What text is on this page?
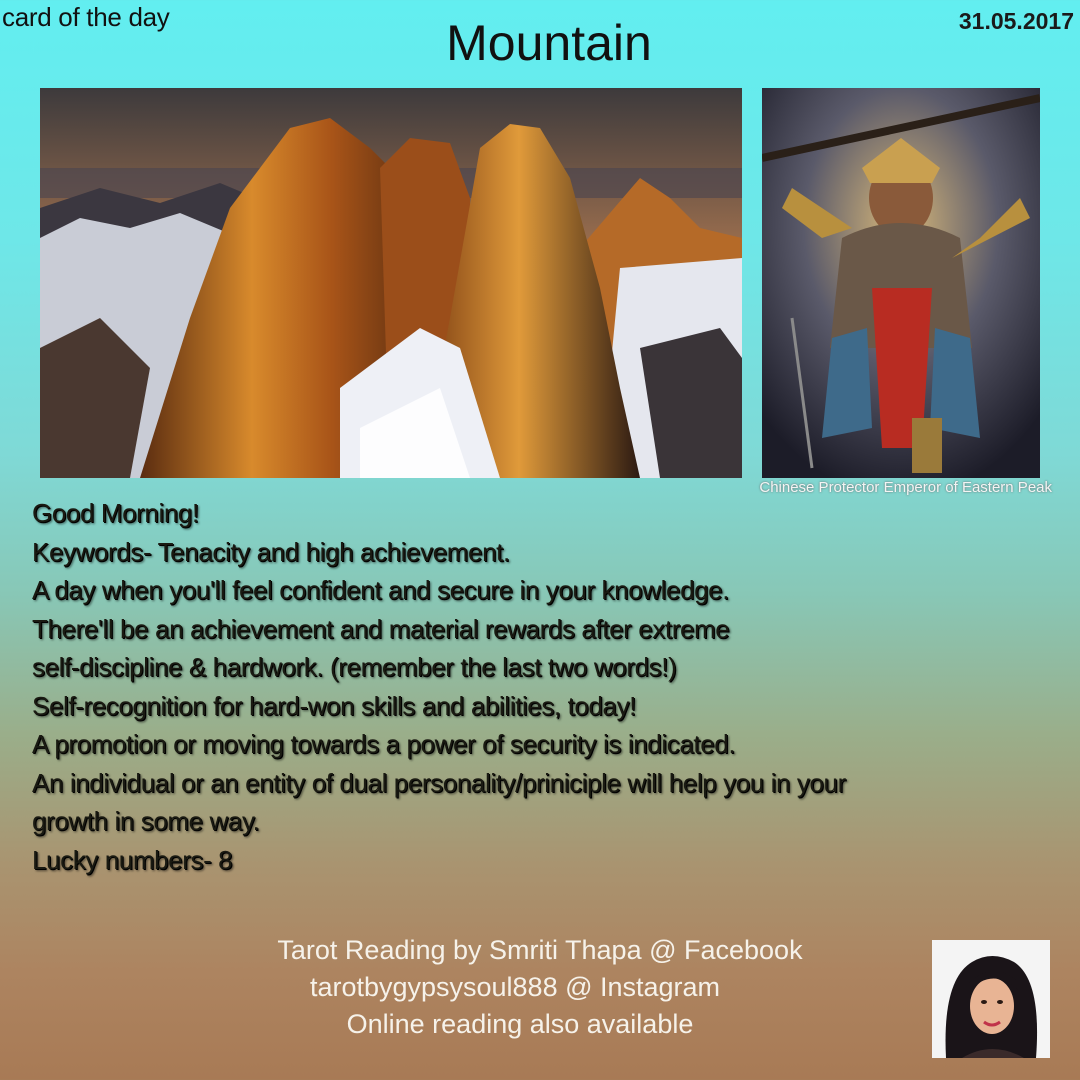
card of the day	Mountain	31.05.2017
Chinese Protector Emperor of Eastern Peak
Good Morning!
Keywords- Tenacity and high achievement.
A day when you'll feel confident and secure in your knowledge.
There'll be an achievement and material rewards after extreme
self-discipline & hardwork. (remember the last two words!)
Self-recognition for hard-won skills and abilities, today!
A promotion or moving towards a power of security is indicated.
An individual or an entity of dual personality/priniciple will help you in your
growth in some way.
Lucky numbers- 8
Tarot Reading by Smriti Thapa @ Facebook
tarotbygypsysoul888 @ Instagram
Online reading also available
